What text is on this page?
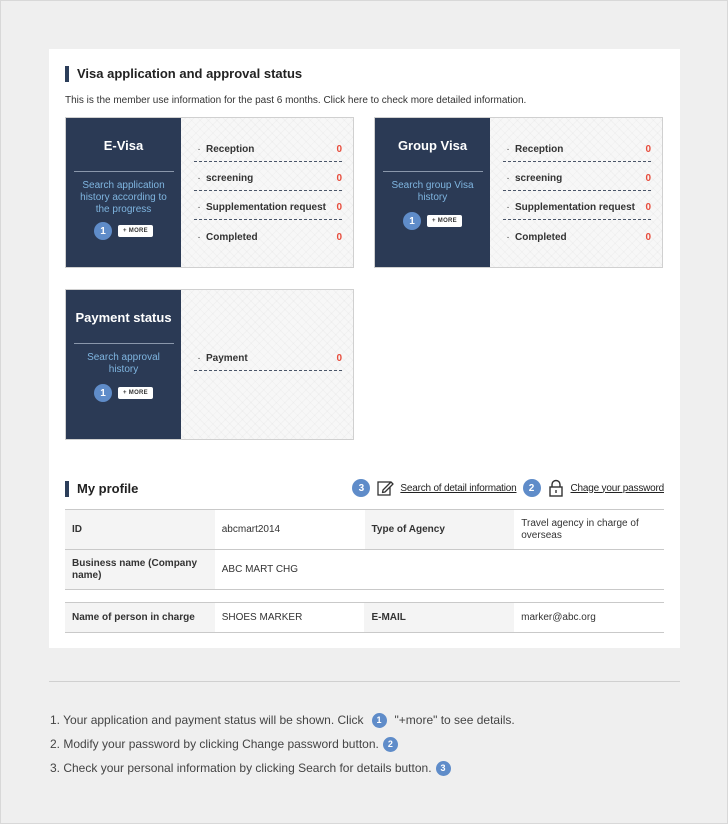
Visa application and approval status
This is the member use information for the past 6 months. Click here to check more detailed information.
E-Visa
Search application history according to the progress
1	+ MORE
· Reception	0
· screening	0
· Supplementation request	0
· Completed	0
Group Visa
Search group Visa history
1	+ MORE
· Reception	0
· screening	0
· Supplementation request	0
· Completed	0
Payment status
Search approval history
1	+ MORE
· Payment	0
My profile	3	Search of detail information	2	Chage your password
ID	abcmart2014	Type of Agency	Travel agency in charge of overseas
Business name (Company name)	ABC MART CHG		
Name of person in charge	SHOES MARKER	E-MAIL	marker@abc.org
1. Your application and payment status will be shown. Click	1	"+more" to see details.
2. Modify your password by clicking Change password button. 2
3. Check your personal information by clicking Search for details button. 3
